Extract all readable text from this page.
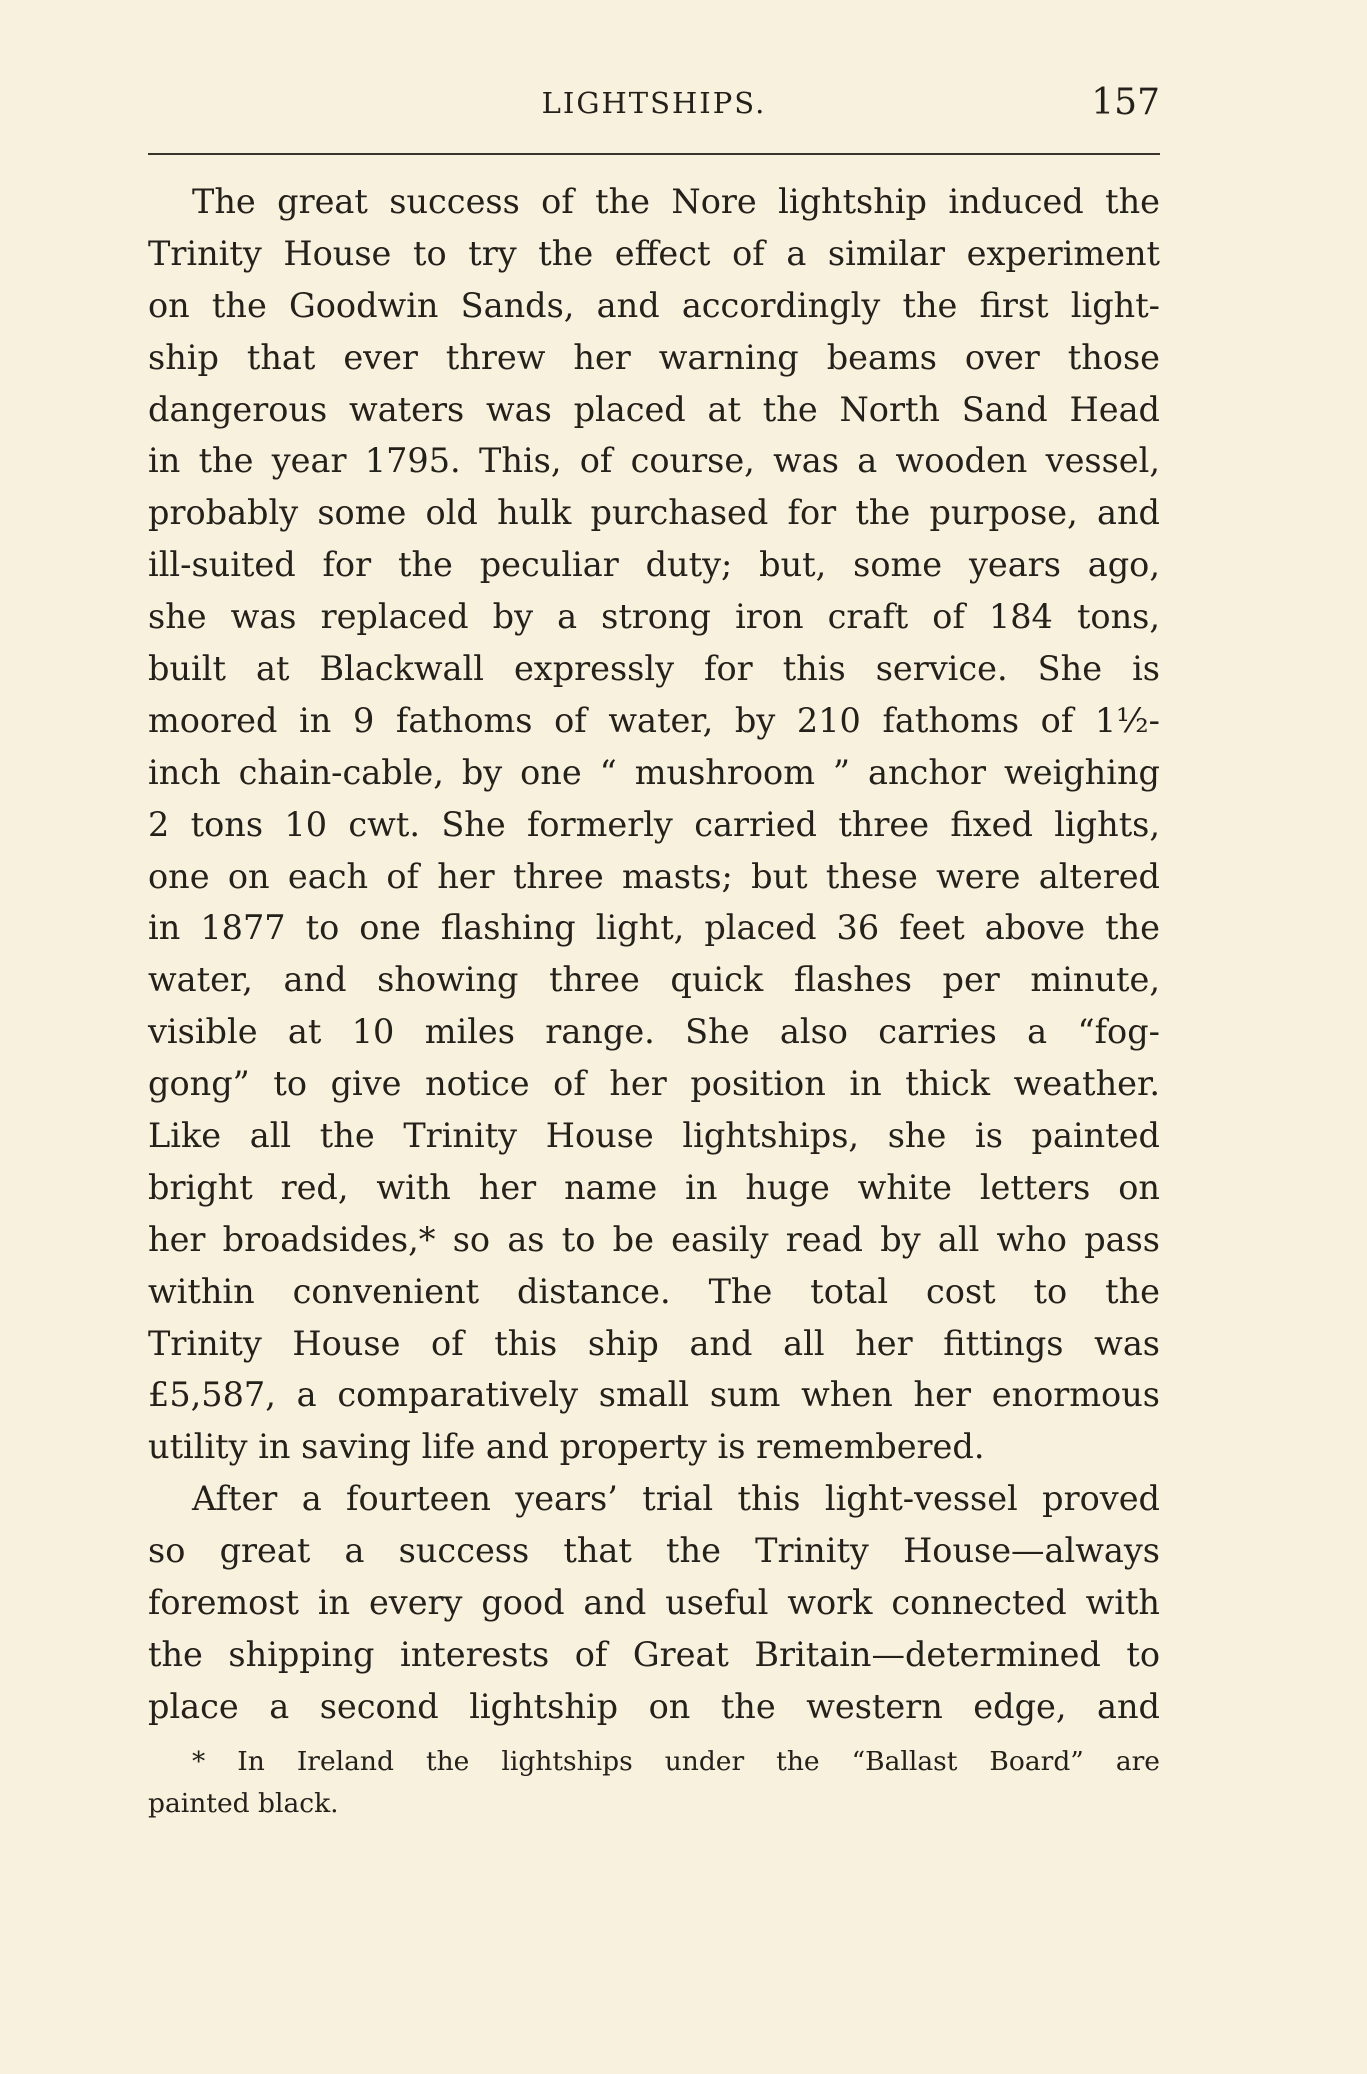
LIGHTSHIPS.	157
The great success of the Nore lightship induced the
Trinity House to try the effect of a similar experiment
on the Goodwin Sands, and accordingly the first light-
ship that ever threw her warning beams over those
dangerous waters was placed at the North Sand Head
in the year 1795. This, of course, was a wooden vessel,
probably some old hulk purchased for the purpose, and
ill-suited for the peculiar duty; but, some years ago,
she was replaced by a strong iron craft of 184 tons,
built at Blackwall expressly for this service. She is
moored in 9 fathoms of water, by 210 fathoms of 1½-
inch chain-cable, by one “ mushroom ” anchor weighing
2 tons 10 cwt. She formerly carried three fixed lights,
one on each of her three masts; but these were altered
in 1877 to one flashing light, placed 36 feet above the
water, and showing three quick flashes per minute,
visible at 10 miles range. She also carries a “fog-
gong” to give notice of her position in thick weather.
Like all the Trinity House lightships, she is painted
bright red, with her name in huge white letters on
her broadsides,* so as to be easily read by all who pass
within convenient distance. The total cost to the
Trinity House of this ship and all her fittings was
£5,587, a comparatively small sum when her enormous
utility in saving life and property is remembered.
After a fourteen years’ trial this light-vessel proved
so great a success that the Trinity House—always
foremost in every good and useful work connected with
the shipping interests of Great Britain—determined to
place a second lightship on the western edge, and
* In Ireland the lightships under the “Ballast Board” are
painted black.
